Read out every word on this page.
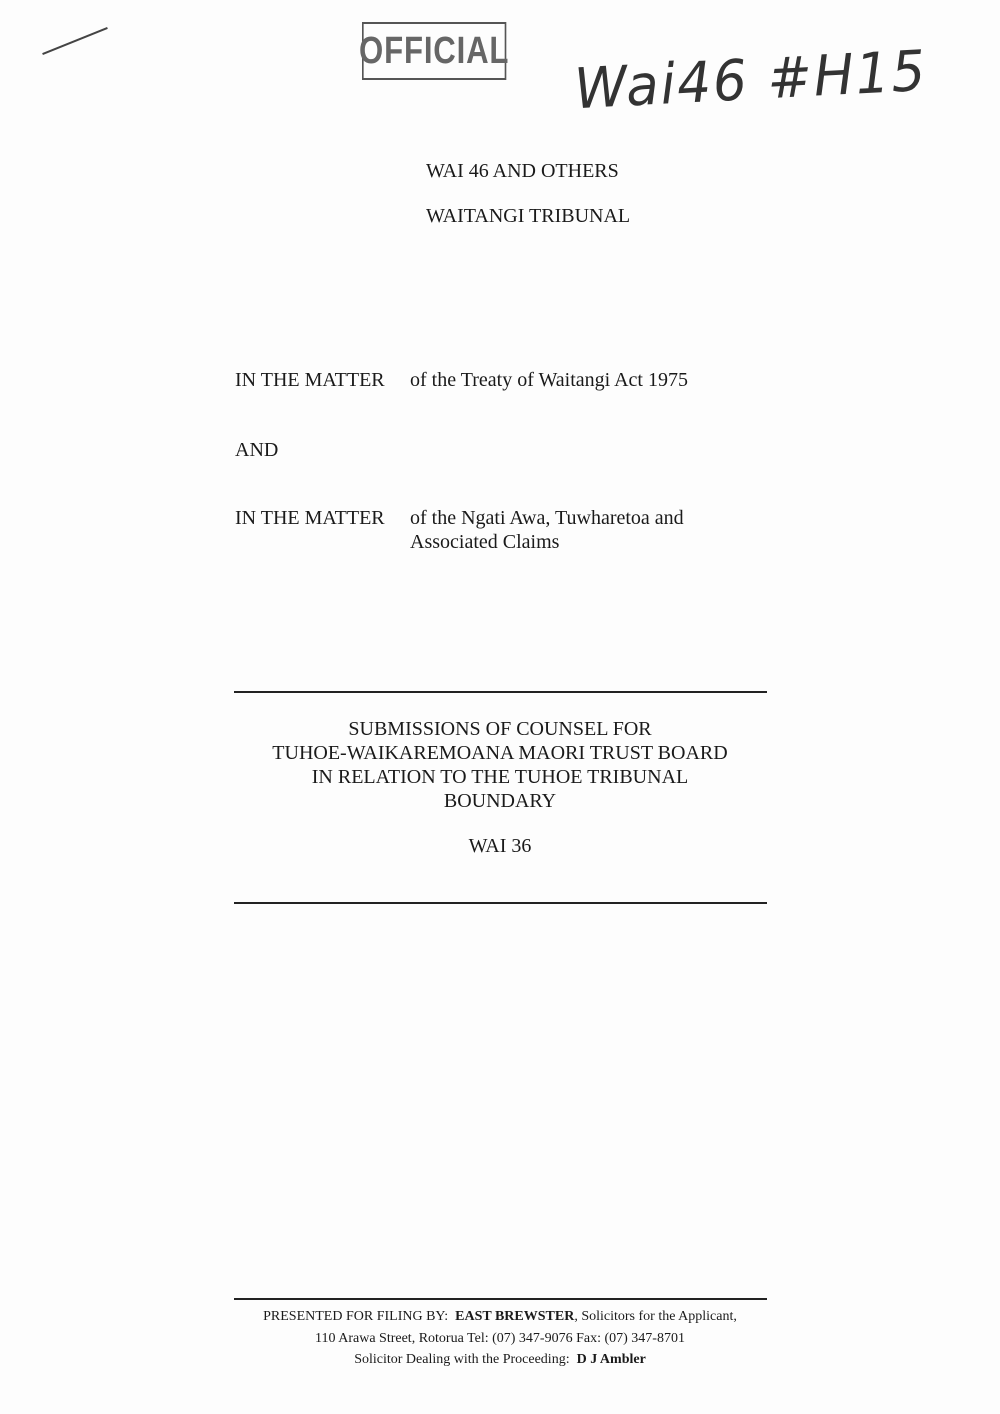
OFFICIAL Wai46 #H15
WAI 46 AND OTHERS
WAITANGI TRIBUNAL
IN THE MATTER of the Treaty of Waitangi Act 1975
AND
IN THE MATTER of the Ngati Awa, Tuwharetoa and
Associated Claims
SUBMISSIONS OF COUNSEL FOR
TUHOE-WAIKAREMOANA MAORI TRUST BOARD
IN RELATION TO THE TUHOE TRIBUNAL
BOUNDARY
WAI 36
PRESENTED FOR FILING BY: EAST BREWSTER, Solicitors for the Applicant,
110 Arawa Street, Rotorua Tel: (07) 347-9076 Fax: (07) 347-8701
Solicitor Dealing with the Proceeding: D J Ambler
